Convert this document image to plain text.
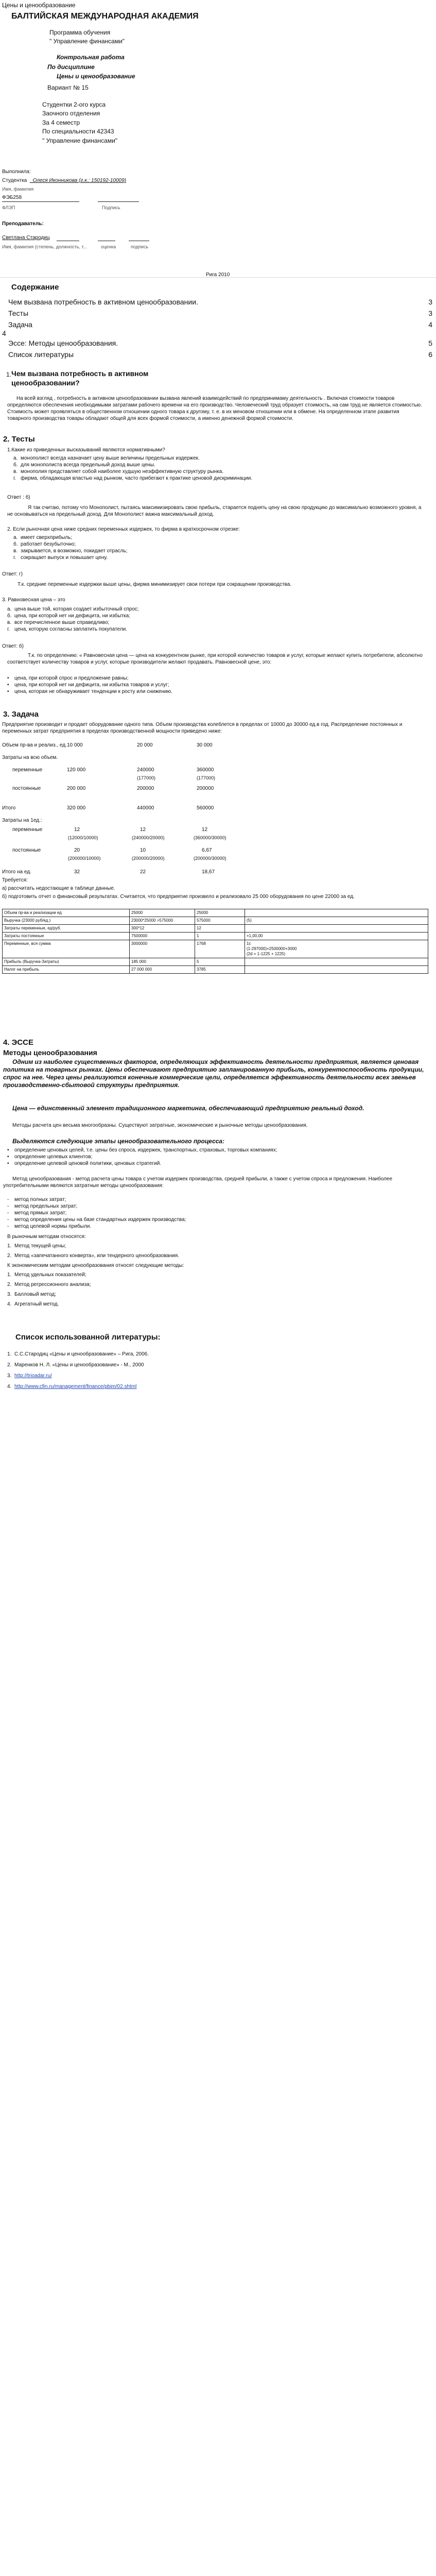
Цены и ценообразование
БАЛТИЙСКАЯ МЕЖДУНАРОДНАЯ АКАДЕМИЯ
Программа обучения
" Управление финансами"
Контрольная работа
По дисциплине
Цены и ценообразование
Вариант № 15
Студентки 2-ого курса
Заочного отделения
За 4 семестр
По специальности 42343
" Управление финансами"
Выполнила:
Студентка _Олеся Иконникова (г.к.: 150192-10009)
Имя, фамилия
ФЭБ258
ФЛЭП	Подпись
Преподаватель:
Светлана Стародиц
Имя, фамилия (степень, должность, т...	оценка	подпись
Рига 2010
Содержание
Чем вызвана потребность в активном ценообразовании.	3
Тесты	3
Задача	4
4
Эссе: Методы ценообразования.	5
Список литературы	6
1. Чем вызвана потребность в активном
ценообразовании?
На всей взгляд , потребность в активном ценообразовании вызвана явлений взаимодействий по предпринимаму деятельность . Включая стоимости товаров определяются обеспечения необходимыми затратами рабочего времени на его производство. Человеческий труд образует стоимость, на сам труд не является стоимостью. Стоимость может проявляться в общественном отношении одного товара к другому, т. е. в их меновом отношении или в обмене. На определенном этапе развития товарного производства товары обладают общей для всех формой стоимости, а именно денежной формой стоимости.
2. Тесты
1.Какие из приведенных высказываний являются нормативными?
а. монополист всегда назначает цену выше величины предельных издержек.
б. для монополиста всегда предельный доход выше цены.
в. монополия представляет собой наиболее худшую неэффективную структуру рынка.
г. фирма, обладающая властью над рынком, часто прибегают к практике ценовой дискриминации.
Ответ : б)
Я так считаю, потому что Монополист, пытаясь максимизировать свою прибыль, старается поднять цену на свою продукцию до максимально возможного уровня, а не основываться на предельный доход. Для Монополист важна максимальный доход.
2. Если рыночная цена ниже средних переменных издержек, то фирма в краткосрочном отрезке:
а. имеет сверхприбыль;
б. работает безубыточно;
в. закрывается, в возможно, покидает отрасль;
г. сокращает выпуск и повышает цену.
Ответ: г)
Т.к. средние переменные издержки выше цены, фирма минимизирует свои потери при сокращении производства.
3. Равновесная цена – это
а. цена выше той, которая создает избыточный спрос;
б. цена, при которой нет ни дефицита, ни избытка;
в. все перечисленное выше справедливо;
г. цена, которую согласны заплатить покупатели.
Ответ: б)
Т.к. по определению: « Равновесная цена — цена на конкурентном рынке, при которой количество товаров и услуг, которые желают купить потребители, абсолютно соответствует количеству товаров и услуг, которые производители желают продавать. Равновесной цене, это:
• цена, при которой спрос и предложение равны;
• цена, при которой нет ни дефицита, ни избытка товаров и услуг;
• цена, которая не обнаруживает тенденции к росту или снижению.
3. Задача
Предприятие производит и продает оборудование одного типа. Объем производства колеблется в пределах от 10000 до 30000 ед.в год. Распределение постоянных и переменных затрат предприятия в пределах производственной мощности приведено ниже:
Объем пр-ва и реализ., ед. 10 000	20 000	30 000
Затраты на всю объем.
переменные	120 000	240000	360000
(177000)	(177000)
постоянные	200 000	200000	200000
Итого	320 000	440000	560000
Затраты на 1ед.:
переменные	12	12	12
(12000/10000)	(240000/20000)	(360000/30000)
постоянные	20	10	6,67
(200000/10000)	(200000/20000)	(200000/30000)
Итого на ед.	32	22	18,67
Требуется:
а) рассчитать недостающие в таблице данные.
б) подготовить отчет о финансовый результатах. Считается, что предприятие произвело и реализовало 25 000 оборудования по цене 22000 за ед.
Объем пр-ва и реализации ед	25000	25000	
Выручка (23000 руб/ед.)	23000*25000 =575000	575000	(5)
Затраты переменные, ед/руб.	300*12	12	
Затраты постоянные	7500000	1	+1,00,00
Переменные, вся сумма	3000000	1768	1c
(1-297000)+2500000+3000
(2d = 1-1225 + 1225)

Прибыль (Выручка-Затраты)	185 000	5	
Налог на прибыль	27 000 000	3785	
4. ЭССЕ
Методы ценообразования
Одним из наиболее существенных факторов, определяющих эффективность деятельности предприятия, является ценовая политика на товарных рынках. Цены обеспечивают предприятию запланированную прибыль, конкурентоспособность продукции, спрос на нее. Через цены реализуются конечные коммерческие цели, определяется эффективность деятельности всех звеньев производственно-сбытовой структуры предприятия.
Цена — единственный элемент традиционного маркетинга, обеспечивающий предприятию реальный доход.
Методы расчета цен весьма многообразны. Существуют затратные, экономические и рыночные методы ценообразования.
Выделяются следующие этапы ценообразовательного процесса:
• определение ценовых целей, т.е. цены без спроса, издержек, транспортных, страховых, торговых компаниях;
• определение целевых клиентов;
• определение целевой ценовой политики, ценовых стратегий.
Метод ценообразования - метод расчета цены товара с учетом издержек производства, средней прибыли, а также с учетом спроса и предложения. Наиболее употребительными являются затратные методы ценообразования:
- метод полных затрат;
- метод предельных затрат;
- метод прямых затрат;
- метод определения цены на базе стандартных издержек производства;
- метод целевой нормы прибыли.
В рыночным методам относятся:
1. Метод текущей цены;
2. Метод «запечатанного конверта», или тендерного ценообразования.
К экономическим методам ценообразования относят следующие методы:
1. Метод удельных показателей;
2. Метод регрессионного анализа;
3. Балловый метод;
4. Агрегатный метод.
Список использованной литературы:
1. С.С.Стародиц «Цены и ценообразование» – Рига, 2006.
2. Маренков Н. Л. «Цены и ценообразование» - М., 2000
3. http://trioadar.ru/
4. http://www.cfin.ru/management/finance/pbim/02.shtml
